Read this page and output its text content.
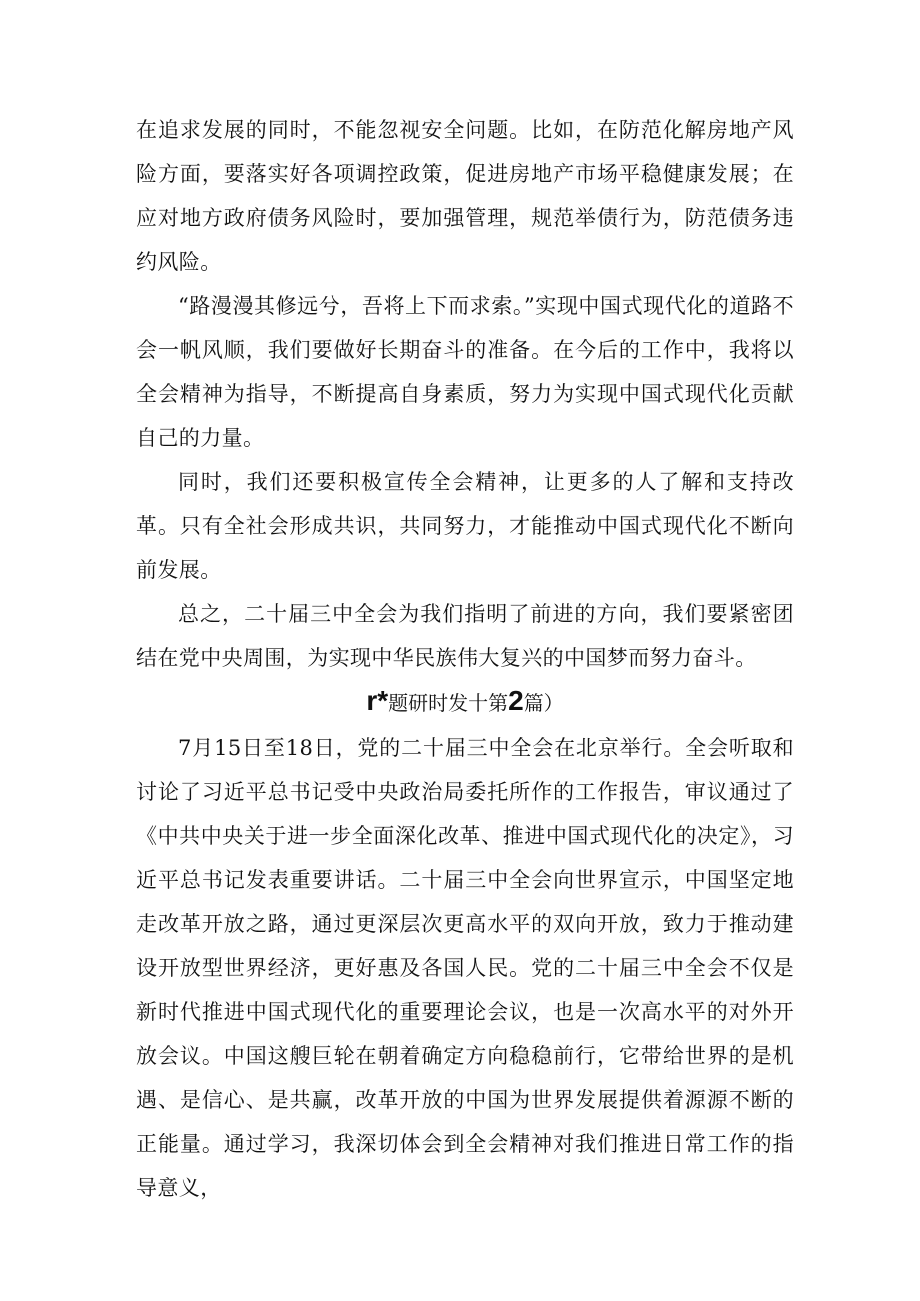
在追求发展的同时，不能忽视安全问题。比如，在防范化解房地产风险方面，要落实好各项调控政策，促进房地产市场平稳健康发展；在应对地方政府债务风险时，要加强管理，规范举债行为，防范债务违约风险。

“路漫漫其修远兮，吾将上下而求索。”实现中国式现代化的道路不会一帆风顺，我们要做好长期奋斗的准备。在今后的工作中，我将以全会精神为指导，不断提高自身素质，努力为实现中国式现代化贡献自己的力量。

同时，我们还要积极宣传全会精神，让更多的人了解和支持改革。只有全社会形成共识，共同努力，才能推动中国式现代化不断向前发展。

总之，二十届三中全会为我们指明了前进的方向，我们要紧密团结在党中央周围，为实现中华民族伟大复兴的中国梦而努力奋斗。

r*题研时发十第2篇）

7月15日至18日，党的二十届三中全会在北京举行。全会听取和讨论了习近平总书记受中央政治局委托所作的工作报告，审议通过了《中共中央关于进一步全面深化改革、推进中国式现代化的决定》，习近平总书记发表重要讲话。二十届三中全会向世界宣示，中国坚定地走改革开放之路，通过更深层次更高水平的双向开放，致力于推动建设开放型世界经济，更好惠及各国人民。党的二十届三中全会不仅是新时代推进中国式现代化的重要理论会议，也是一次高水平的对外开放会议。中国这艘巨轮在朝着确定方向稳稳前行，它带给世界的是机遇、是信心、是共赢，改革开放的中国为世界发展提供着源源不断的正能量。通过学习，我深切体会到全会精神对我们推进日常工作的指导意义，
